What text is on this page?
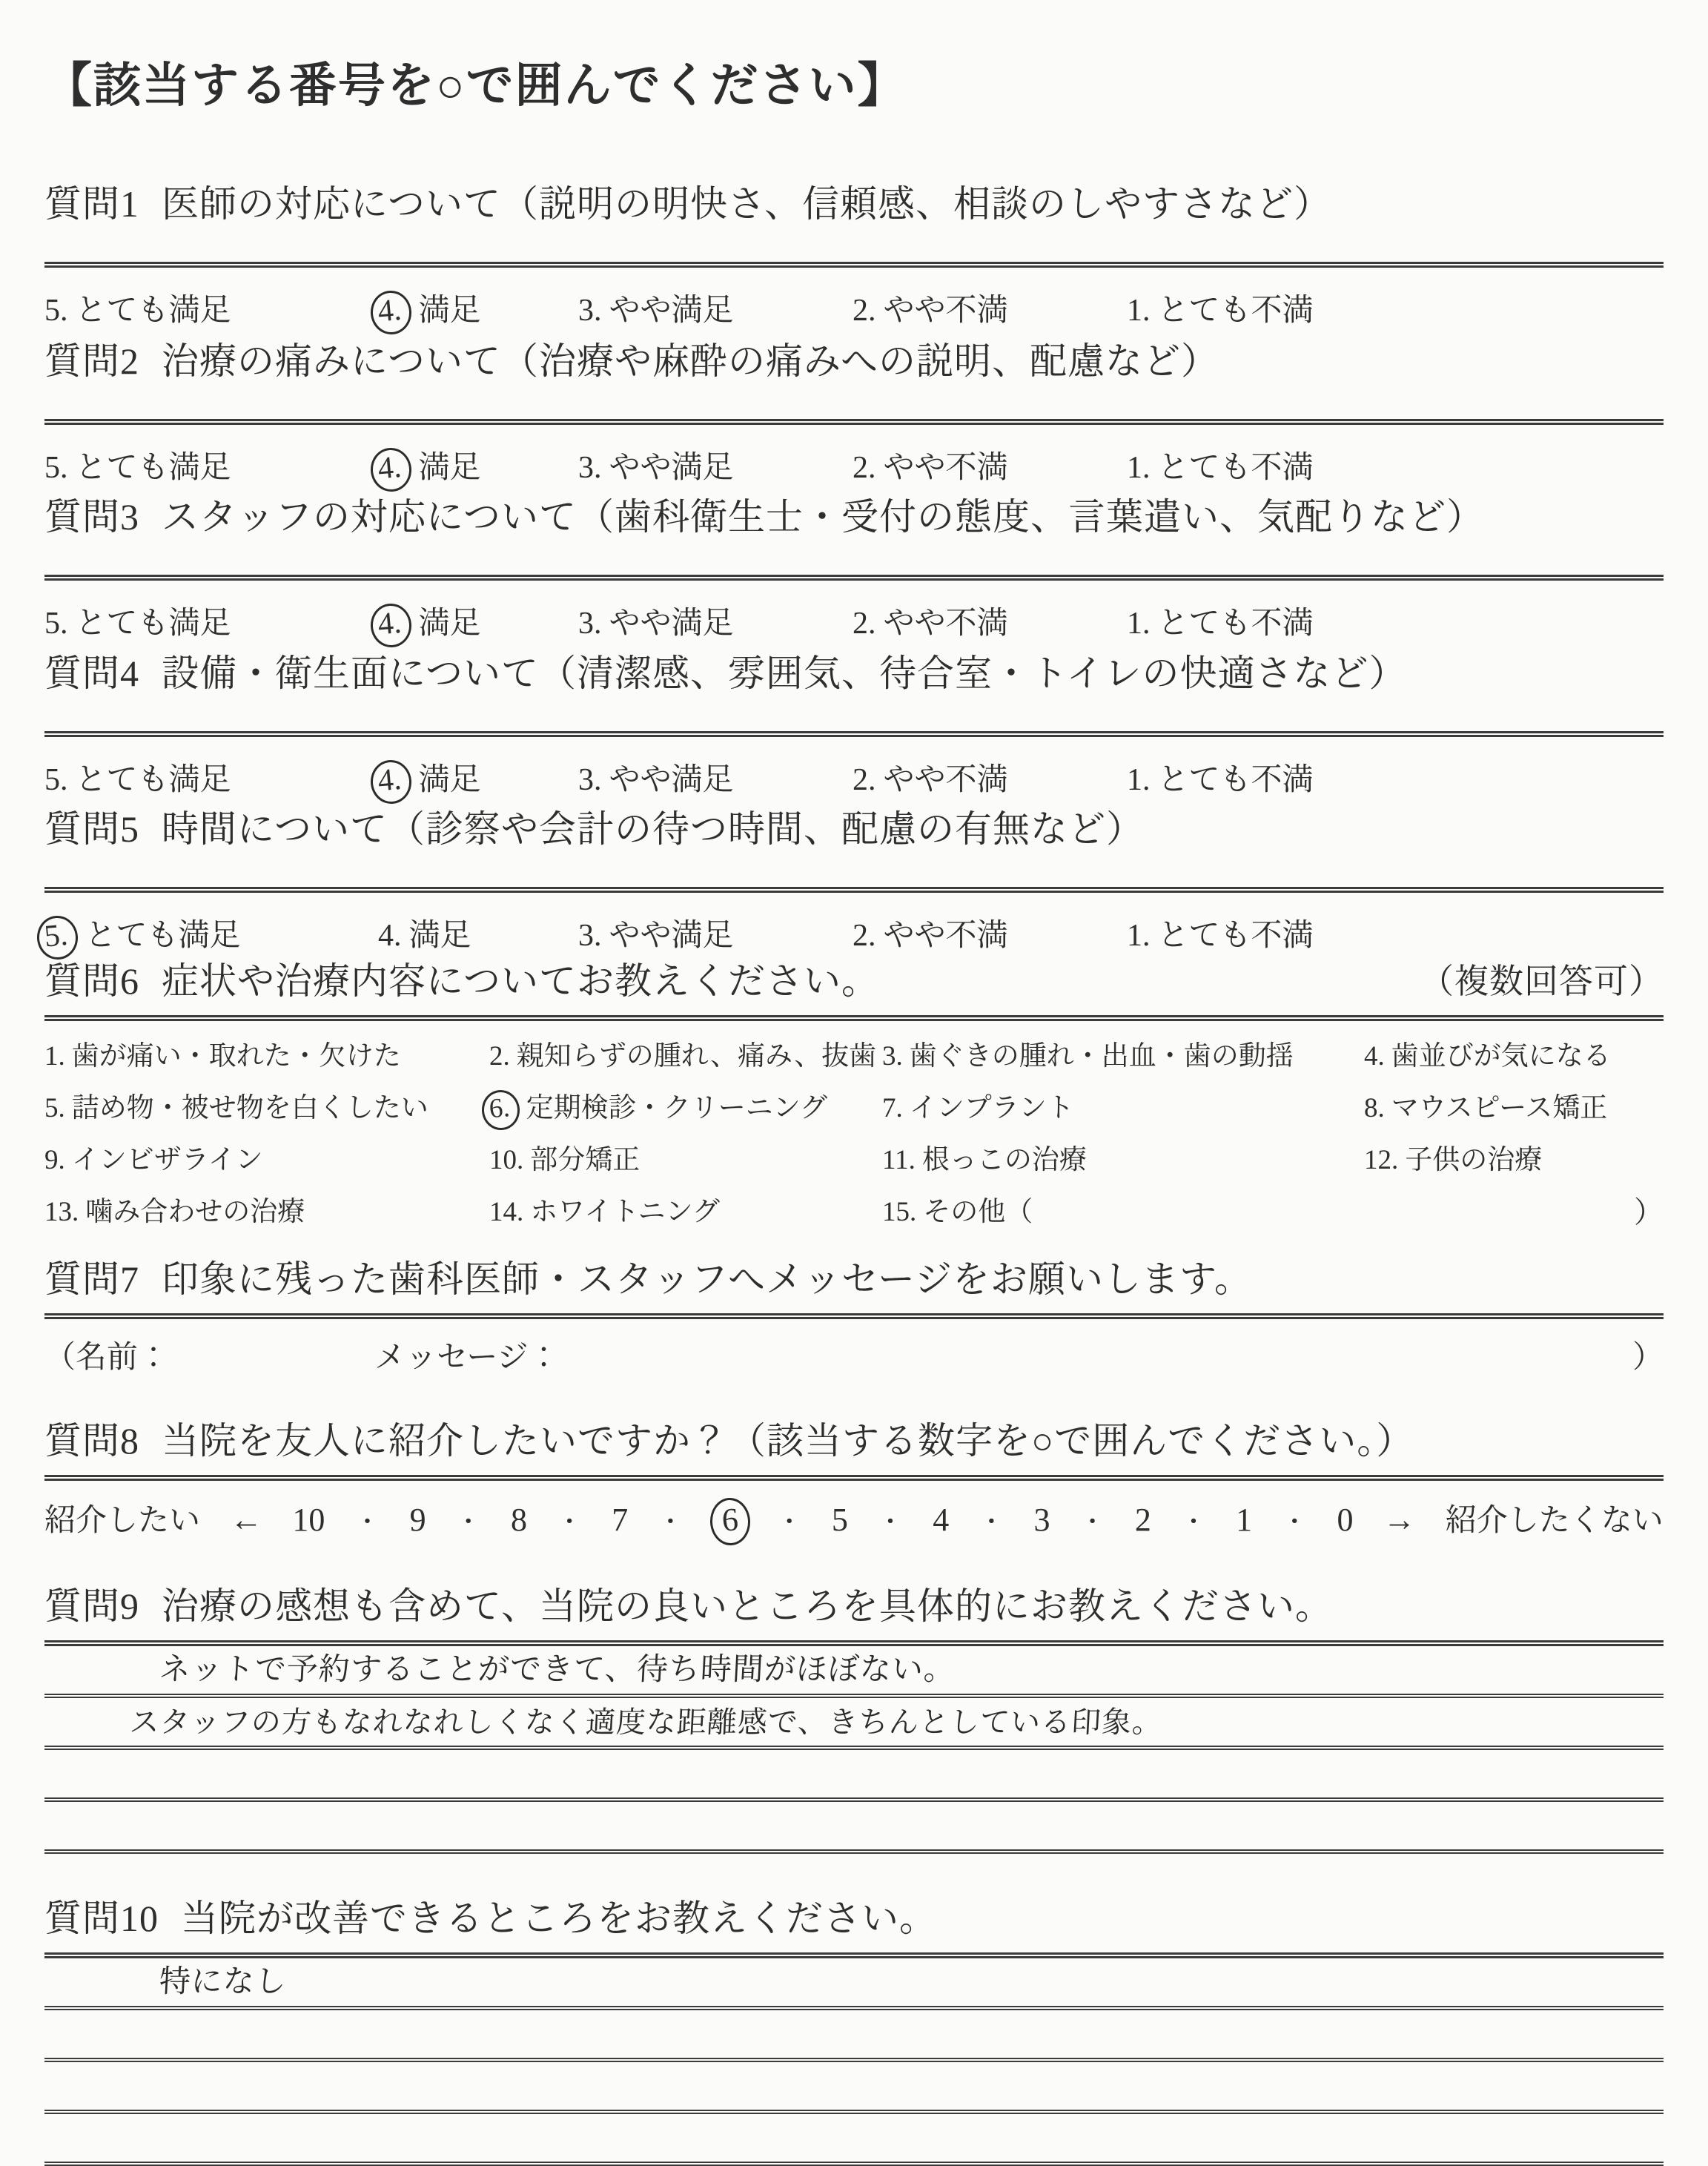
【該当する番号を○で囲んでください】
質問1 医師の対応について（説明の明快さ、信頼感、相談のしやすさなど）
5. とても満足	4. 満足	3. やや満足	2. やや不満	1. とても不満
質問2 治療の痛みについて（治療や麻酔の痛みへの説明、配慮など）
5. とても満足	4. 満足	3. やや満足	2. やや不満	1. とても不満
質問3 スタッフの対応について（歯科衛生士・受付の態度、言葉遣い、気配りなど）
5. とても満足	4. 満足	3. やや満足	2. やや不満	1. とても不満
質問4 設備・衛生面について（清潔感、雰囲気、待合室・トイレの快適さなど）
5. とても満足	4. 満足	3. やや満足	2. やや不満	1. とても不満
質問5 時間について（診察や会計の待つ時間、配慮の有無など）
5. とても満足	4. 満足	3. やや満足	2. やや不満	1. とても不満
質問6 症状や治療内容についてお教えください。	（複数回答可）
1. 歯が痛い・取れた・欠けた	2. 親知らずの腫れ、痛み、抜歯 3. 歯ぐきの腫れ・出血・歯の動揺	4. 歯並びが気になる
5. 詰め物・被せ物を白くしたい 6. 定期検診・クリーニング 7. インプラント	8. マウスピース矯正
9. インビザライン	10. 部分矯正	11. 根っこの治療	12. 子供の治療
13. 噛み合わせの治療	14. ホワイトニング	15. その他（	）
質問7 印象に残った歯科医師・スタッフへメッセージをお願いします。
（名前：	メッセージ：	）
質問8 当院を友人に紹介したいですか？（該当する数字を○で囲んでください。）
紹介したい ← 10 ・ 9 ・ 8 ・ 7 ・	6	・ 5 ・ 4 ・ 3 ・ 2 ・ 1 ・ 0 → 紹介したくない
質問9 治療の感想も含めて、当院の良いところを具体的にお教えください。
ネットで予約することができて、待ち時間がほぼない。
スタッフの方もなれなれしくなく適度な距離感で、きちんとしている印象。
質問10 当院が改善できるところをお教えください。
特になし
